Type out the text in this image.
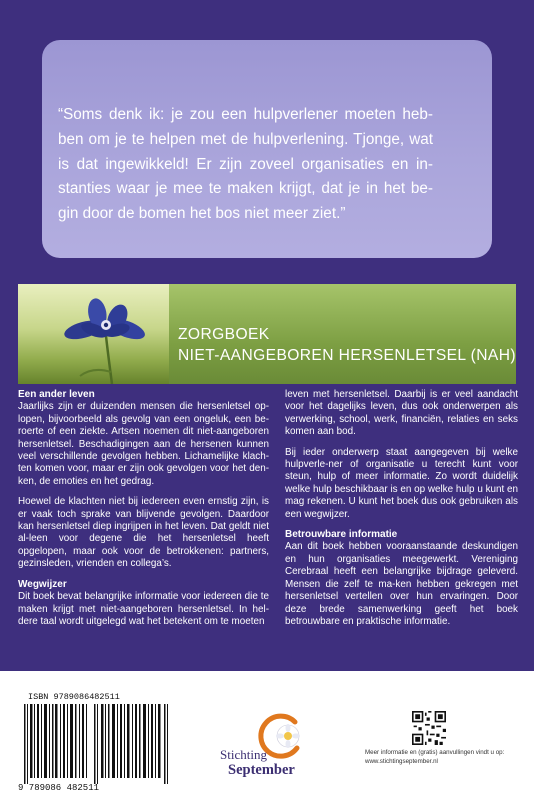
“Soms denk ik: je zou een hulpverlener moeten heb-ben om je te helpen met de hulpverlening. Tjonge, wat is dat ingewikkeld! Er zijn zoveel organisaties en in-stanties waar je mee te maken krijgt, dat je in het be-gin door de bomen het bos niet meer ziet.”
ZORGBOEK
NIET-AANGEBOREN HERSENLETSEL (NAH)
Een ander leven

Jaarlijks zijn er duizenden mensen die hersenletsel op-lopen, bijvoorbeeld als gevolg van een ongeluk, een be-roerte of een ziekte. Artsen noemen dit niet-aangeboren hersenletsel. Beschadigingen aan de hersenen kunnen veel verschillende gevolgen hebben. Lichamelijke klach-ten komen voor, maar er zijn ook gevolgen voor het den-ken, de emoties en het gedrag.

Hoewel de klachten niet bij iedereen even ernstig zijn, is er vaak toch sprake van blijvende gevolgen. Daardoor kan hersenletsel diep ingrijpen in het leven. Dat geldt niet al-leen voor degene die het hersenletsel heeft opgelopen, maar ook voor de betrokkenen: partners, gezinsleden, vrienden en collega’s.

Wegwijzer

Dit boek bevat belangrijke informatie voor iedereen die te maken krijgt met niet-aangeboren hersenletsel. In hel-dere taal wordt uitgelegd wat het betekent om te moeten

leven met hersenletsel. Daarbij is er veel aandacht voor het dagelijks leven, dus ook onderwerpen als verwerking, school, werk, financiën, relaties en seks komen aan bod.

Bij ieder onderwerp staat aangegeven bij welke hulpverle-ner of organisatie u terecht kunt voor steun, hulp of meer informatie. Zo wordt duidelijk welke hulp beschikbaar is en op welke hulp u kunt en mag rekenen. U kunt het boek dus ook gebruiken als een wegwijzer.

Betrouwbare informatie

Aan dit boek hebben vooraanstaande deskundigen en hun organisaties meegewerkt. Vereniging Cerebraal heeft een belangrijke bijdrage geleverd. Mensen die zelf te ma-ken hebben gekregen met hersenletsel vertellen over hun ervaringen. Door deze brede samenwerking geeft het boek betrouwbare en praktische informatie.

ISBN 9789086482511
9 789086 482511
Stichting
September
Meer informatie en (gratis) aanvullingen vindt u op:
www.stichtingseptember.nl
